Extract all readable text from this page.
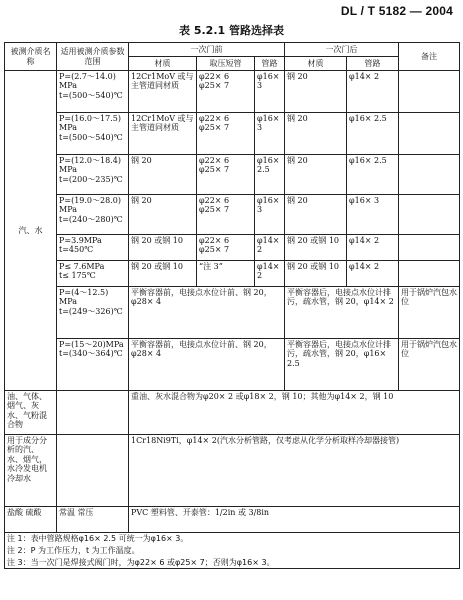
DL / T 5182 — 2004
表 5.2.1 管路选择表
被测介质名称	适用被测介质参数范围	一次门前			一次门后		备注
		材质	取压短管	管路	材质	管路	
汽、水	P=(2.7～14.0)
MPa
t=(500～540)℃	12Cr1MoV 或与主管道同材质	φ22× 6 φ25× 7	φ16× 3	钢 20	φ14× 2	

	P=(16.0～17.5)
MPa
t=(500～540)℃	12Cr1MoV 或与主管道同材质	φ22× 6 φ25× 7	φ16× 3	钢 20	φ16× 2.5	

	P=(12.0～18.4)
MPa
t=(200～235)℃	钢 20	φ22× 6 φ25× 7	φ16× 2.5	钢 20	φ16× 2.5	

	P=(19.0～28.0)
MPa
t=(240～280)℃	钢 20	φ22× 6 φ25× 7	φ16× 3	钢 20	φ16× 3	

	P=3.9MPa
t=450℃	钢 20 或钢 10	φ22× 6 φ25× 7	φ14× 2	钢 20 或钢 10	φ14× 2	

	P≤ 7.6MPa
t≤ 175℃	钢 20 或钢 10	“注 3”	φ14× 2	钢 20 或钢 10	φ14× 2	

	P=(4～12.5)
MPa
t=(249～326)℃	平衡容器前，电接点水位计前、钢 20，φ28× 4			平衡容器后，电接点水位计排污，疏水管，钢 20，φ14× 2		用于锅炉汽包水位

	P=(15～20)MPa
t=(340～364)℃	平衡容器前，电接点水位计前、钢 20，φ28× 4			平衡容器后，电接点水位计排污，疏水管，钢 20，φ16× 2.5		用于锅炉汽包水位
油、气体、烟气、灰水、气粉混合物		重油、灰水混合物为φ20× 2 或φ18× 2，钢 10；其他为φ14× 2，钢 10					
用于成分分析的汽、水、烟气，水冷发电机冷却水		1Cr18Ni9Ti，φ14× 2(汽水分析管路，仅考虑从化学分析取样冷却器接管)					
盐酸 硫酸	常温 常压	PVC 塑料管、开泰管：1/2in 或 3/8in					
注 1：表中管路规格φ16× 2.5 可统一为φ16× 3。							
注 2：P 为工作压力，t 为工作温度。							
注 3：当一次门是焊接式阀门时，为φ22× 6 或φ25× 7；否则为φ16× 3。							
